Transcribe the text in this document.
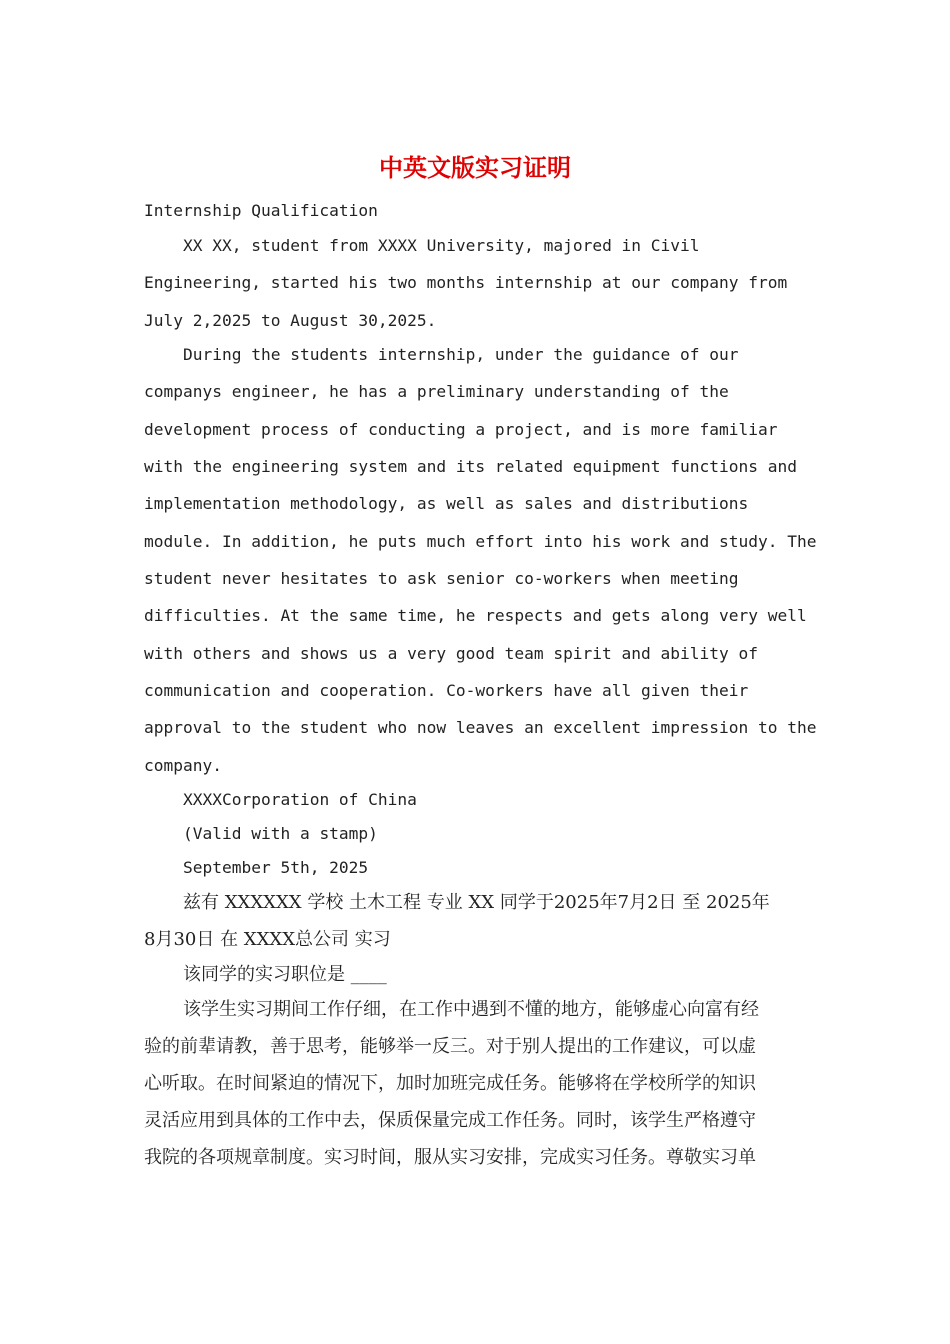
中英文版实习证明

Internship Qualification

XX XX, student from XXXX University, majored in Civil

Engineering, started his two months internship at our company from

July 2,2025 to August 30,2025.

During the students internship, under the guidance of our

companys engineer, he has a preliminary understanding of the

development process of conducting a project, and is more familiar

with the engineering system and its related equipment functions and

implementation methodology, as well as sales and distributions

module. In addition, he puts much effort into his work and study. The

student never hesitates to ask senior co-workers when meeting

difficulties. At the same time, he respects and gets along very well

with others and shows us a very good team spirit and ability of

communication and cooperation. Co-workers have all given their

approval to the student who now leaves an excellent impression to the

company.

XXXXCorporation of China

(Valid with a stamp)

September 5th, 2025

兹有 XXXXXX 学校 土木工程 专业 XX 同学于2025年7月2日 至 2025年

8月30日 在 XXXX总公司 实习

该同学的实习职位是 ____

该学生实习期间工作仔细，在工作中遇到不懂的地方，能够虚心向富有经

验的前辈请教，善于思考，能够举一反三。对于别人提出的工作建议，可以虚

心听取。在时间紧迫的情况下，加时加班完成任务。能够将在学校所学的知识

灵活应用到具体的工作中去，保质保量完成工作任务。同时，该学生严格遵守

我院的各项规章制度。实习时间，服从实习安排，完成实习任务。尊敬实习单
